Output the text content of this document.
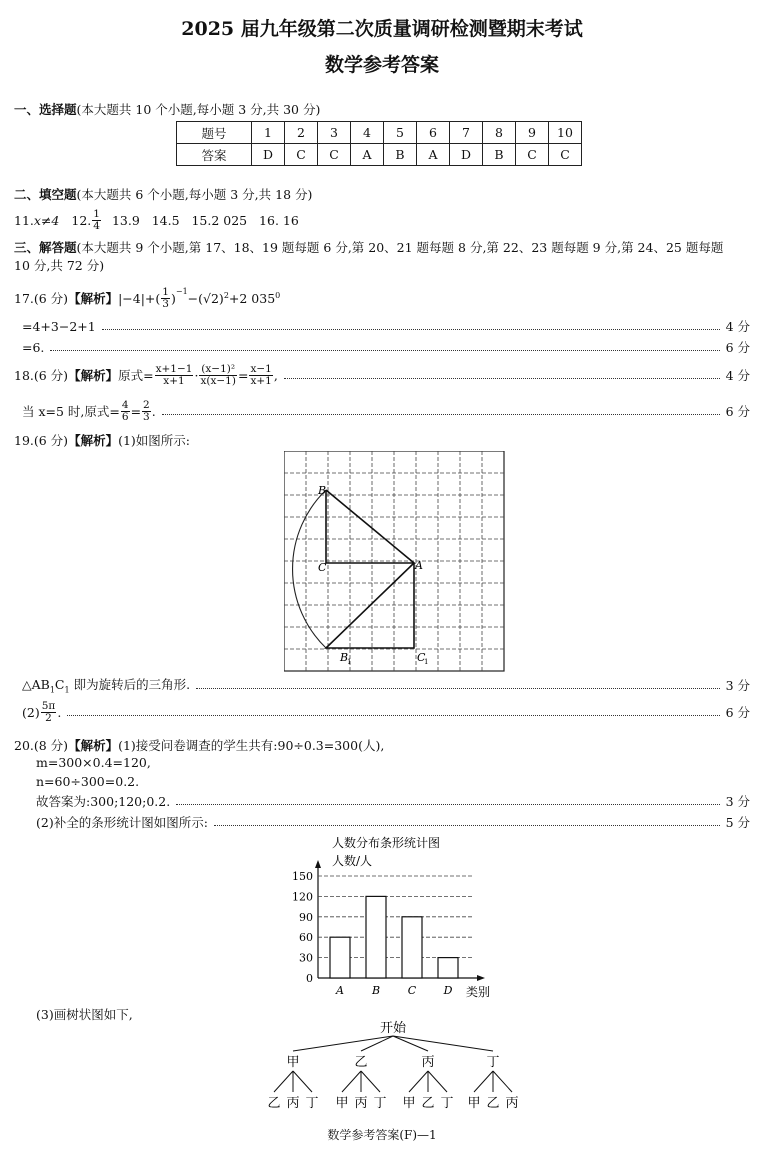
2025 届九年级第二次质量调研检测暨期末考试
数学参考答案
一、选择题(本大题共 10 个小题,每小题 3 分,共 30 分)
题号	1	2	3	4	5	6	7	8	9	10
答案	D	C	C	A	B	A	D	B	C	C
二、填空题(本大题共 6 个小题,每小题 3 分,共 18 分)
11. x≠4 12. $\frac{1}{4} 13.9$   14.5   15.2 025   16. 16
三、解答题(本大题共 9 个小题,第 17、18、19 题每题 6 分,第 20、21 题每题 8 分,第 22、23 题每题 9 分,第 24、25 题每题
10 分,共 72 分)
17.(6 分) 【解析】 $|-4|+( \frac{1}{3} )^{-1} -(√2)^2 +2$ $035^0$
=4+3−2+1	4 分
=6.	6 分
18.(6 分) 【解析】 原式= $\frac{x+1-1}{x+1} \cdot \frac{\text{(x−1)²}}{x(x-1)} = \frac{x-1}{x+1}$ ,	4 分
当 x=5 时,原式= $\frac{4}{6} = \frac{2}{3}$ .	6 分
19.(6 分)【解析】(1)如图所示:
B
C	A
B
1	C
1
$\triangle AB_1C_1$ 即为旋转后的三角形.	3 分
$(2) \frac{5\pi}{2}$ .	6 分
20.(8 分)【解析】(1)接受问卷调查的学生共有:90÷0.3=300(人),
m=300×0.4=120,
n=60÷300=0.2.
故答案为:300;120;0.2.	3 分
(2)补全的条形统计图如图所示:	5 分
人数分布条形统计图
人数/人
类别
0
30
60
90
120
150
A	B	C D
(3)画树状图如下,
开始
甲
乙 丙 丁
乙
甲 丙 丁
丙
甲 乙 丁
丁
甲 乙 丙
数学参考答案(F)—1
